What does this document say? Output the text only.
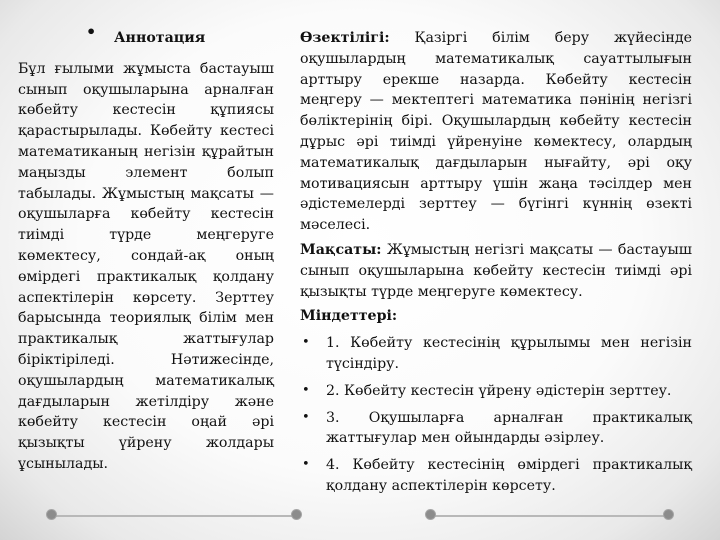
• Аннотация
Бұл ғылыми жұмыста бастауыш сынып оқушыларына арналған көбейту кестесін құпиясы қарастырылады. Көбейту кестесі математиканың негізін құрайтын маңызды элемент болып табылады. Жұмыстың мақсаты — оқушыларға көбейту кестесін тиімді түрде меңгеруге көмектесу, сондай-ақ оның өмірдегі практикалық қолдану аспектілерін көрсету. Зерттеу барысында теориялық білім мен практикалық жаттығулар біріктіріледі. Нәтижесінде, оқушылардың математикалық дағдыларын жетілдіру және көбейту кестесін оңай әрі қызықты үйрену жолдары ұсынылады.
Өзектілігі: Қазіргі білім беру жүйесінде оқушылардың математикалық сауаттылығын арттыру ерекше назарда. Көбейту кестесін меңгеру — мектептегі математика пәнінің негізгі бөліктерінің бірі. Оқушылардың көбейту кестесін дұрыс әрі тиімді үйренуіне көмектесу, олардың математикалық дағдыларын нығайту, әрі оқу мотивациясын арттыру үшін жаңа тәсілдер мен әдістемелерді зерттеу — бүгінгі күннің өзекті мәселесі.
Мақсаты: Жұмыстың негізгі мақсаты — бастауыш сынып оқушыларына көбейту кестесін тиімді әрі қызықты түрде меңгеруге көмектесу.
Міндеттері:
• 1. Көбейту кестесінің құрылымы мен негізін түсіндіру.
• 2. Көбейту кестесін үйрену әдістерін зерттеу.
• 3. Оқушыларға арналған практикалық жаттығулар мен ойындарды әзірлеу.
• 4. Көбейту кестесінің өмірдегі практикалық қолдану аспектілерін көрсету.
